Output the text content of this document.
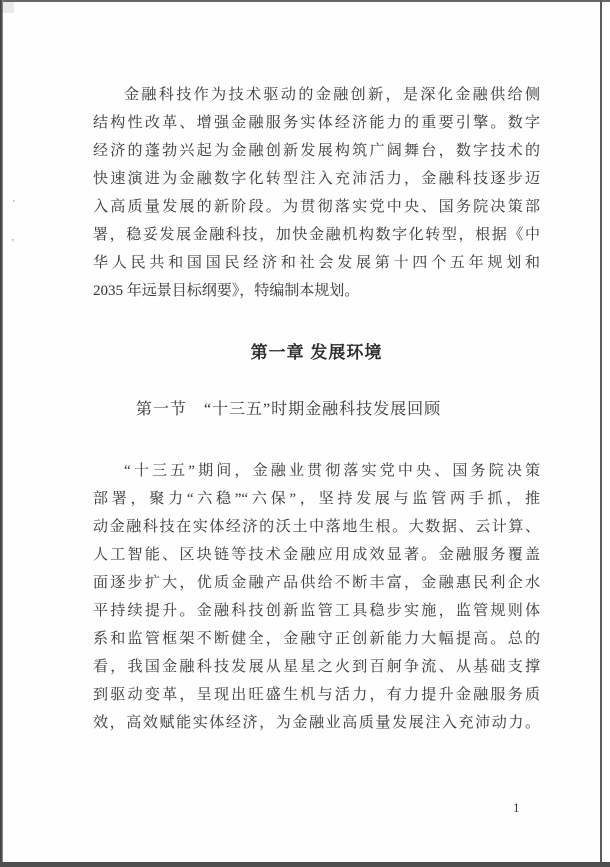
’
’
金融科技作为技术驱动的金融创新，是深化金融供给侧
结构性改革、增强金融服务实体经济能力的重要引擎。数字
经济的蓬勃兴起为金融创新发展构筑广阔舞台，数字技术的
快速演进为金融数字化转型注入充沛活力，金融科技逐步迈
入高质量发展的新阶段。为贯彻落实党中央、国务院决策部
署，稳妥发展金融科技，加快金融机构数字化转型，根据《中
华人民共和国国民经济和社会发展第十四个五年规划和
2035 年远景目标纲要》，特编制本规划。
第一章 发展环境
第一节　“十三五”时期金融科技发展回顾
“十三五”期间，金融业贯彻落实党中央、国务院决策
部署，聚力“六稳”“六保”，坚持发展与监管两手抓，推
动金融科技在实体经济的沃土中落地生根。大数据、云计算、
人工智能、区块链等技术金融应用成效显著。金融服务覆盖
面逐步扩大，优质金融产品供给不断丰富，金融惠民利企水
平持续提升。金融科技创新监管工具稳步实施，监管规则体
系和监管框架不断健全，金融守正创新能力大幅提高。总的
看，我国金融科技发展从星星之火到百舸争流、从基础支撑
到驱动变革，呈现出旺盛生机与活力，有力提升金融服务质
效，高效赋能实体经济，为金融业高质量发展注入充沛动力。
1
